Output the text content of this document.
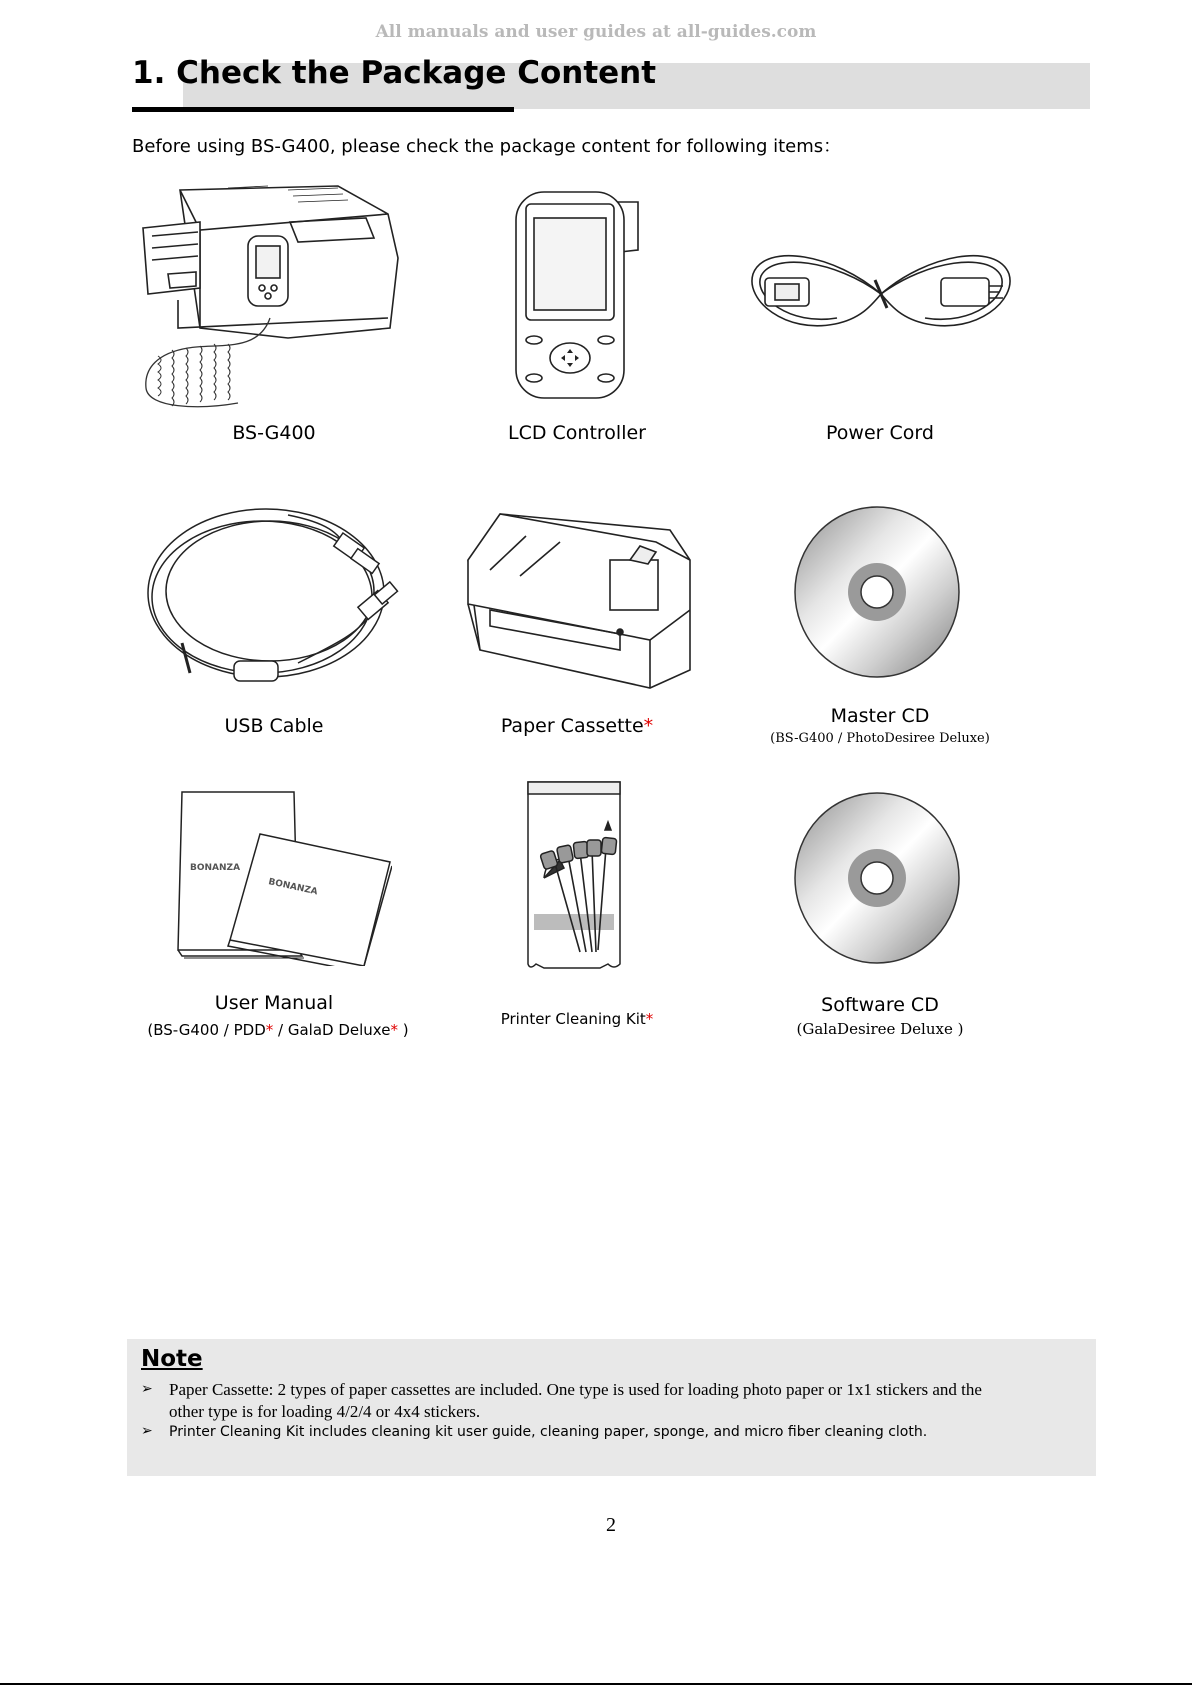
All manuals and user guides at all-guides.com
1. Check the Package Content
Before using BS-G400, please check the package content for following items：
BS-G400	LCD Controller	Power Cord
USB Cable	Paper Cassette*	Master CD
(BS-G400 / PhotoDesiree Deluxe)
BONANZA
BONANZA
User Manual
(BS-G400 / PDD* / GalaD Deluxe* )
Printer Cleaning Kit*
Software CD
(GalaDesiree Deluxe )
Note
➢ Paper Cassette: 2 types of paper cassettes are included. One type is used for loading photo paper or 1x1 stickers and the
other type is for loading 4/2/4 or 4x4 stickers.
➢ Printer Cleaning Kit includes cleaning kit user guide, cleaning paper, sponge, and micro fiber cleaning cloth.
2
